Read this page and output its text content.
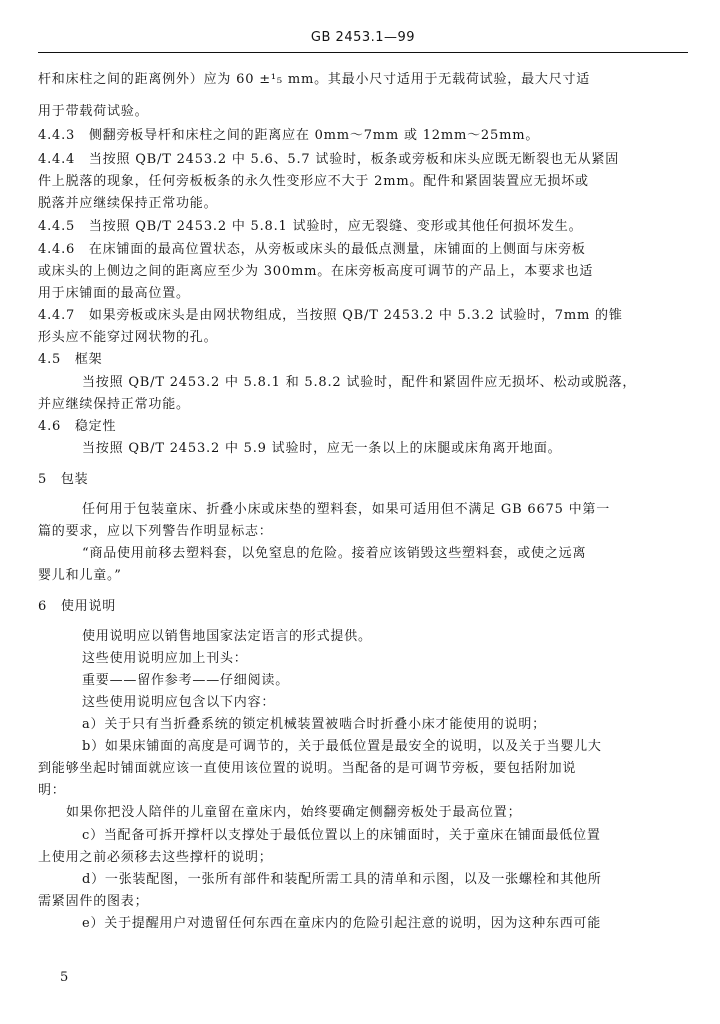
GB 2453.1—99
杆和床柱之间的距离例外）应为 60 ±¹₅ mm。其最小尺寸适用于无载荷试验，最大尺寸适
用于带载荷试验。
4.4.3　侧翻旁板导杆和床柱之间的距离应在 0mm～7mm 或 12mm～25mm。
4.4.4　当按照 QB/T 2453.2 中 5.6、5.7 试验时，板条或旁板和床头应既无断裂也无从紧固
件上脱落的现象，任何旁板板条的永久性变形应不大于 2mm。配件和紧固装置应无损坏或
脱落并应继续保持正常功能。
4.4.5　当按照 QB/T 2453.2 中 5.8.1 试验时，应无裂缝、变形或其他任何损坏发生。
4.4.6　在床铺面的最高位置状态，从旁板或床头的最低点测量，床铺面的上侧面与床旁板
或床头的上侧边之间的距离应至少为 300mm。在床旁板高度可调节的产品上，本要求也适
用于床铺面的最高位置。
4.4.7　如果旁板或床头是由网状物组成，当按照 QB/T 2453.2 中 5.3.2 试验时，7mm 的锥
形头应不能穿过网状物的孔。
4.5　框架
当按照 QB/T 2453.2 中 5.8.1 和 5.8.2 试验时，配件和紧固件应无损坏、松动或脱落，
并应继续保持正常功能。
4.6　稳定性
当按照 QB/T 2453.2 中 5.9 试验时，应无一条以上的床腿或床角离开地面。
5　包装
任何用于包装童床、折叠小床或床垫的塑料套，如果可适用但不满足 GB 6675 中第一
篇的要求，应以下列警告作明显标志：
“商品使用前移去塑料套，以免窒息的危险。接着应该销毁这些塑料套，或使之远离
婴儿和儿童。”
6　使用说明
使用说明应以销售地国家法定语言的形式提供。
这些使用说明应加上刊头：
重要——留作参考——仔细阅读。
这些使用说明应包含以下内容：
a）关于只有当折叠系统的锁定机械装置被啮合时折叠小床才能使用的说明；
b）如果床铺面的高度是可调节的，关于最低位置是最安全的说明，以及关于当婴儿大
到能够坐起时铺面就应该一直使用该位置的说明。当配备的是可调节旁板，要包括附加说
明：
如果你把没人陪伴的儿童留在童床内，始终要确定侧翻旁板处于最高位置；
c）当配备可拆开撑杆以支撑处于最低位置以上的床铺面时，关于童床在铺面最低位置
上使用之前必须移去这些撑杆的说明；
d）一张装配图，一张所有部件和装配所需工具的清单和示图，以及一张螺栓和其他所
需紧固件的图表；
e）关于提醒用户对遗留任何东西在童床内的危险引起注意的说明，因为这种东西可能
5
